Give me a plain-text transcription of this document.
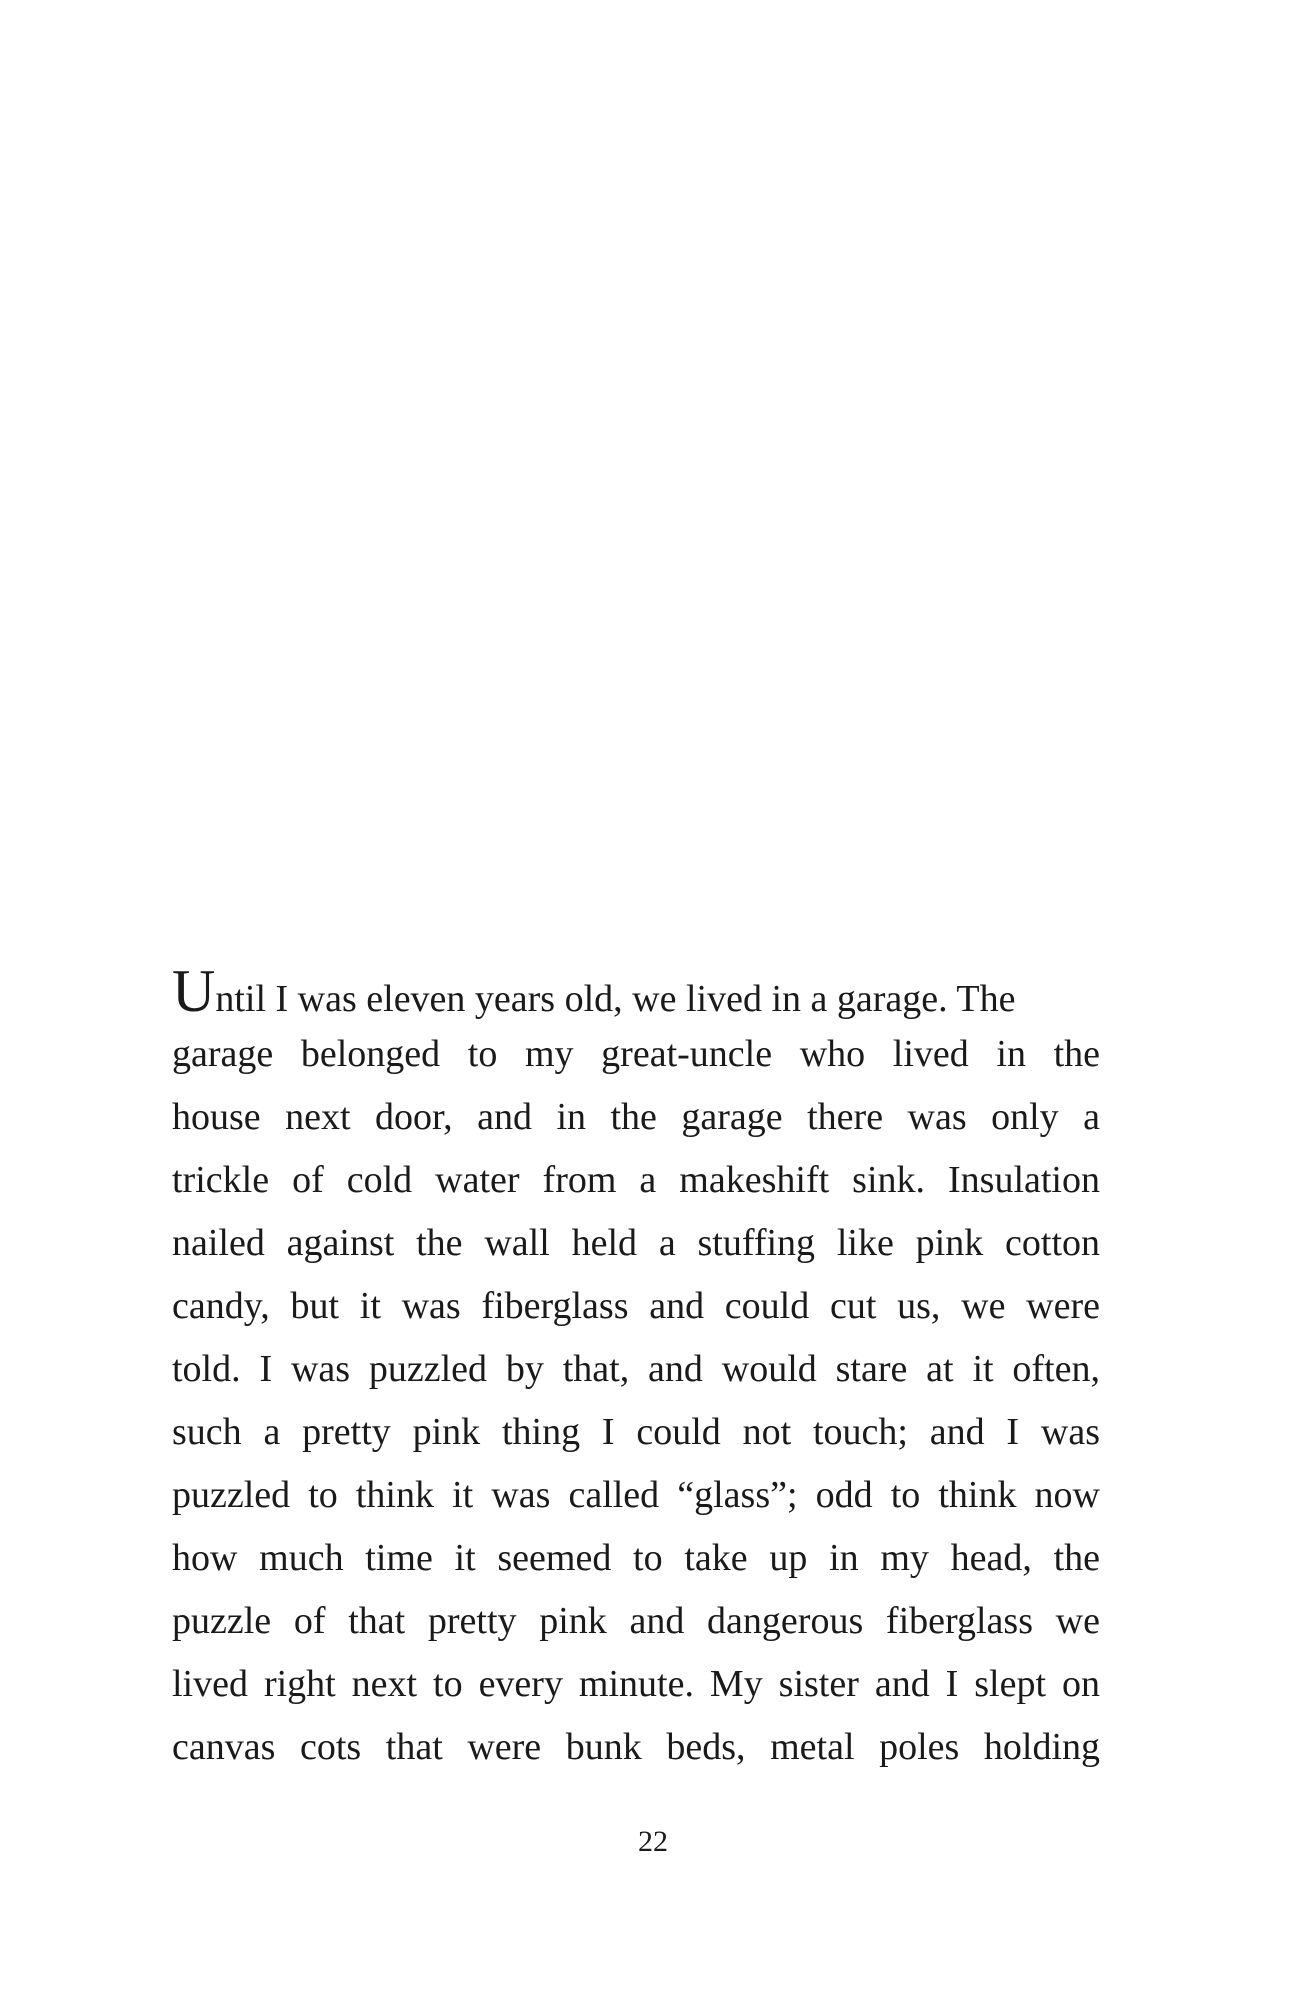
Until I was eleven years old, we lived in a garage. The
garage belonged to my great-uncle who lived in the
house next door, and in the garage there was only a
trickle of cold water from a makeshift sink. Insulation
nailed against the wall held a stuffing like pink cotton
candy, but it was fiberglass and could cut us, we were
told. I was puzzled by that, and would stare at it often,
such a pretty pink thing I could not touch; and I was
puzzled to think it was called “glass”; odd to think now
how much time it seemed to take up in my head, the
puzzle of that pretty pink and dangerous fiberglass we
lived right next to every minute. My sister and I slept on
canvas cots that were bunk beds, metal poles holding
22
